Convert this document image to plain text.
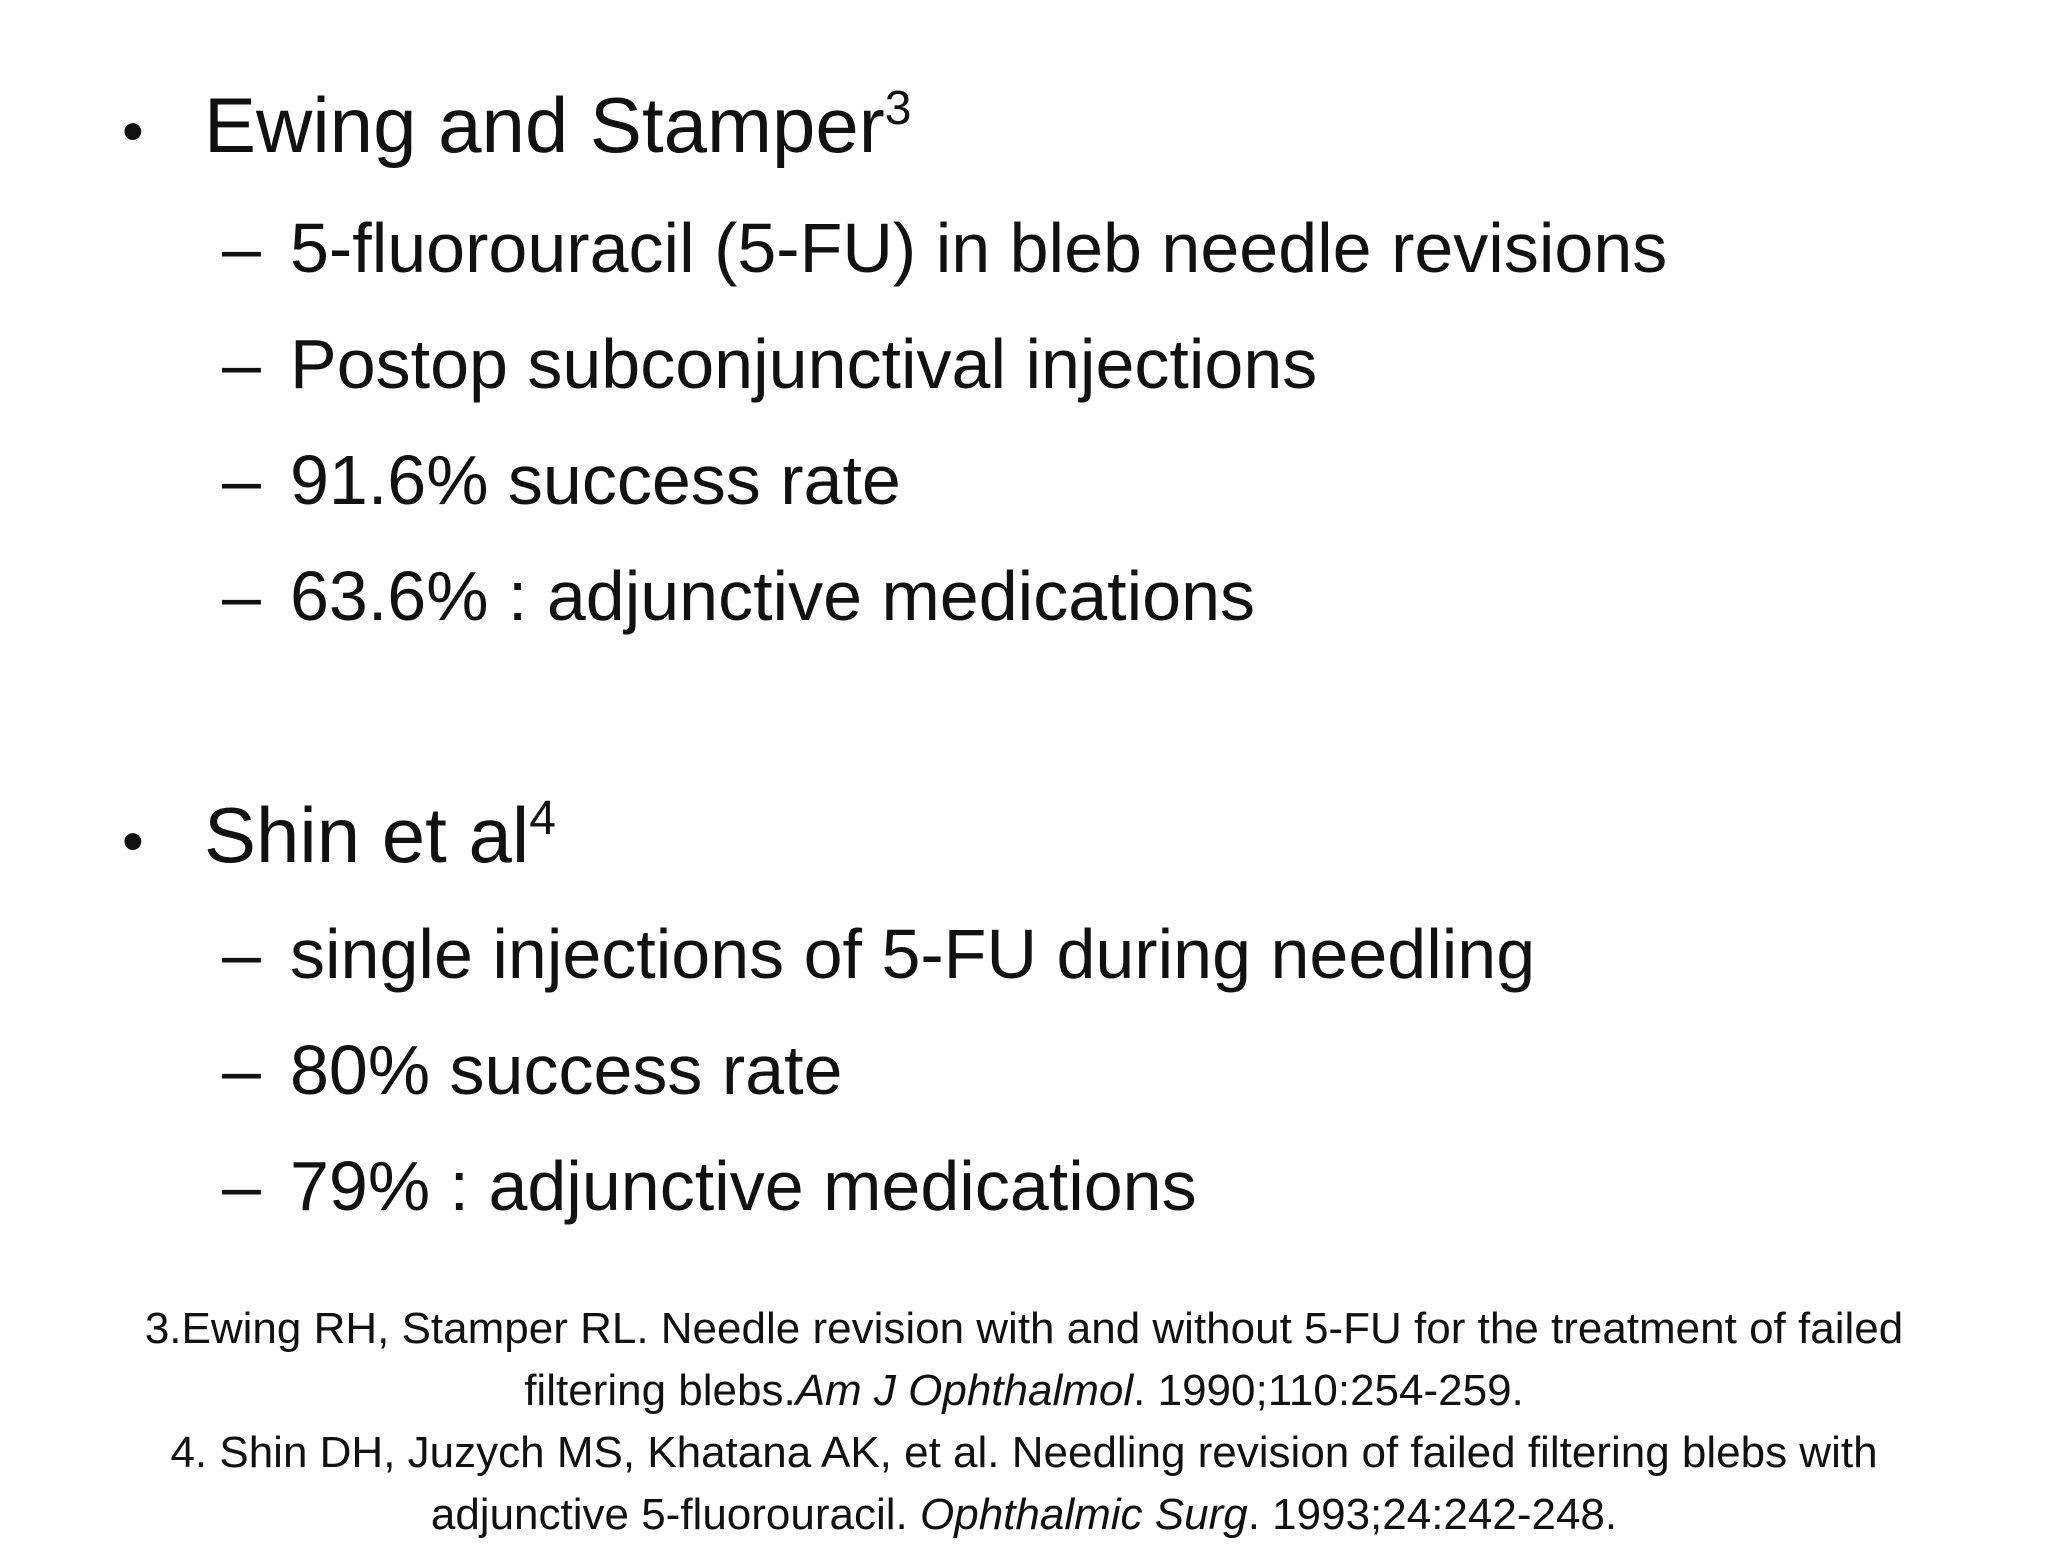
• Ewing and Stamper$^3$
– 5-fluorouracil (5-FU) in bleb needle revisions
– Postop subconjunctival injections
– 91.6% success rate
– 63.6% : adjunctive medications
• Shin et $al^4$
– single injections of 5-FU during needling
– 80% success rate
– 79% : adjunctive medications

3.Ewing RH, Stamper RL. Needle revision with and without 5-FU for the treatment of failed

filtering blebs.Am J Ophthalmol. 1990;110:254-259.

4. Shin DH, Juzych MS, Khatana AK, et al. Needling revision of failed filtering blebs with

adjunctive 5-fluorouracil. Ophthalmic Surg. 1993;24:242-248.
